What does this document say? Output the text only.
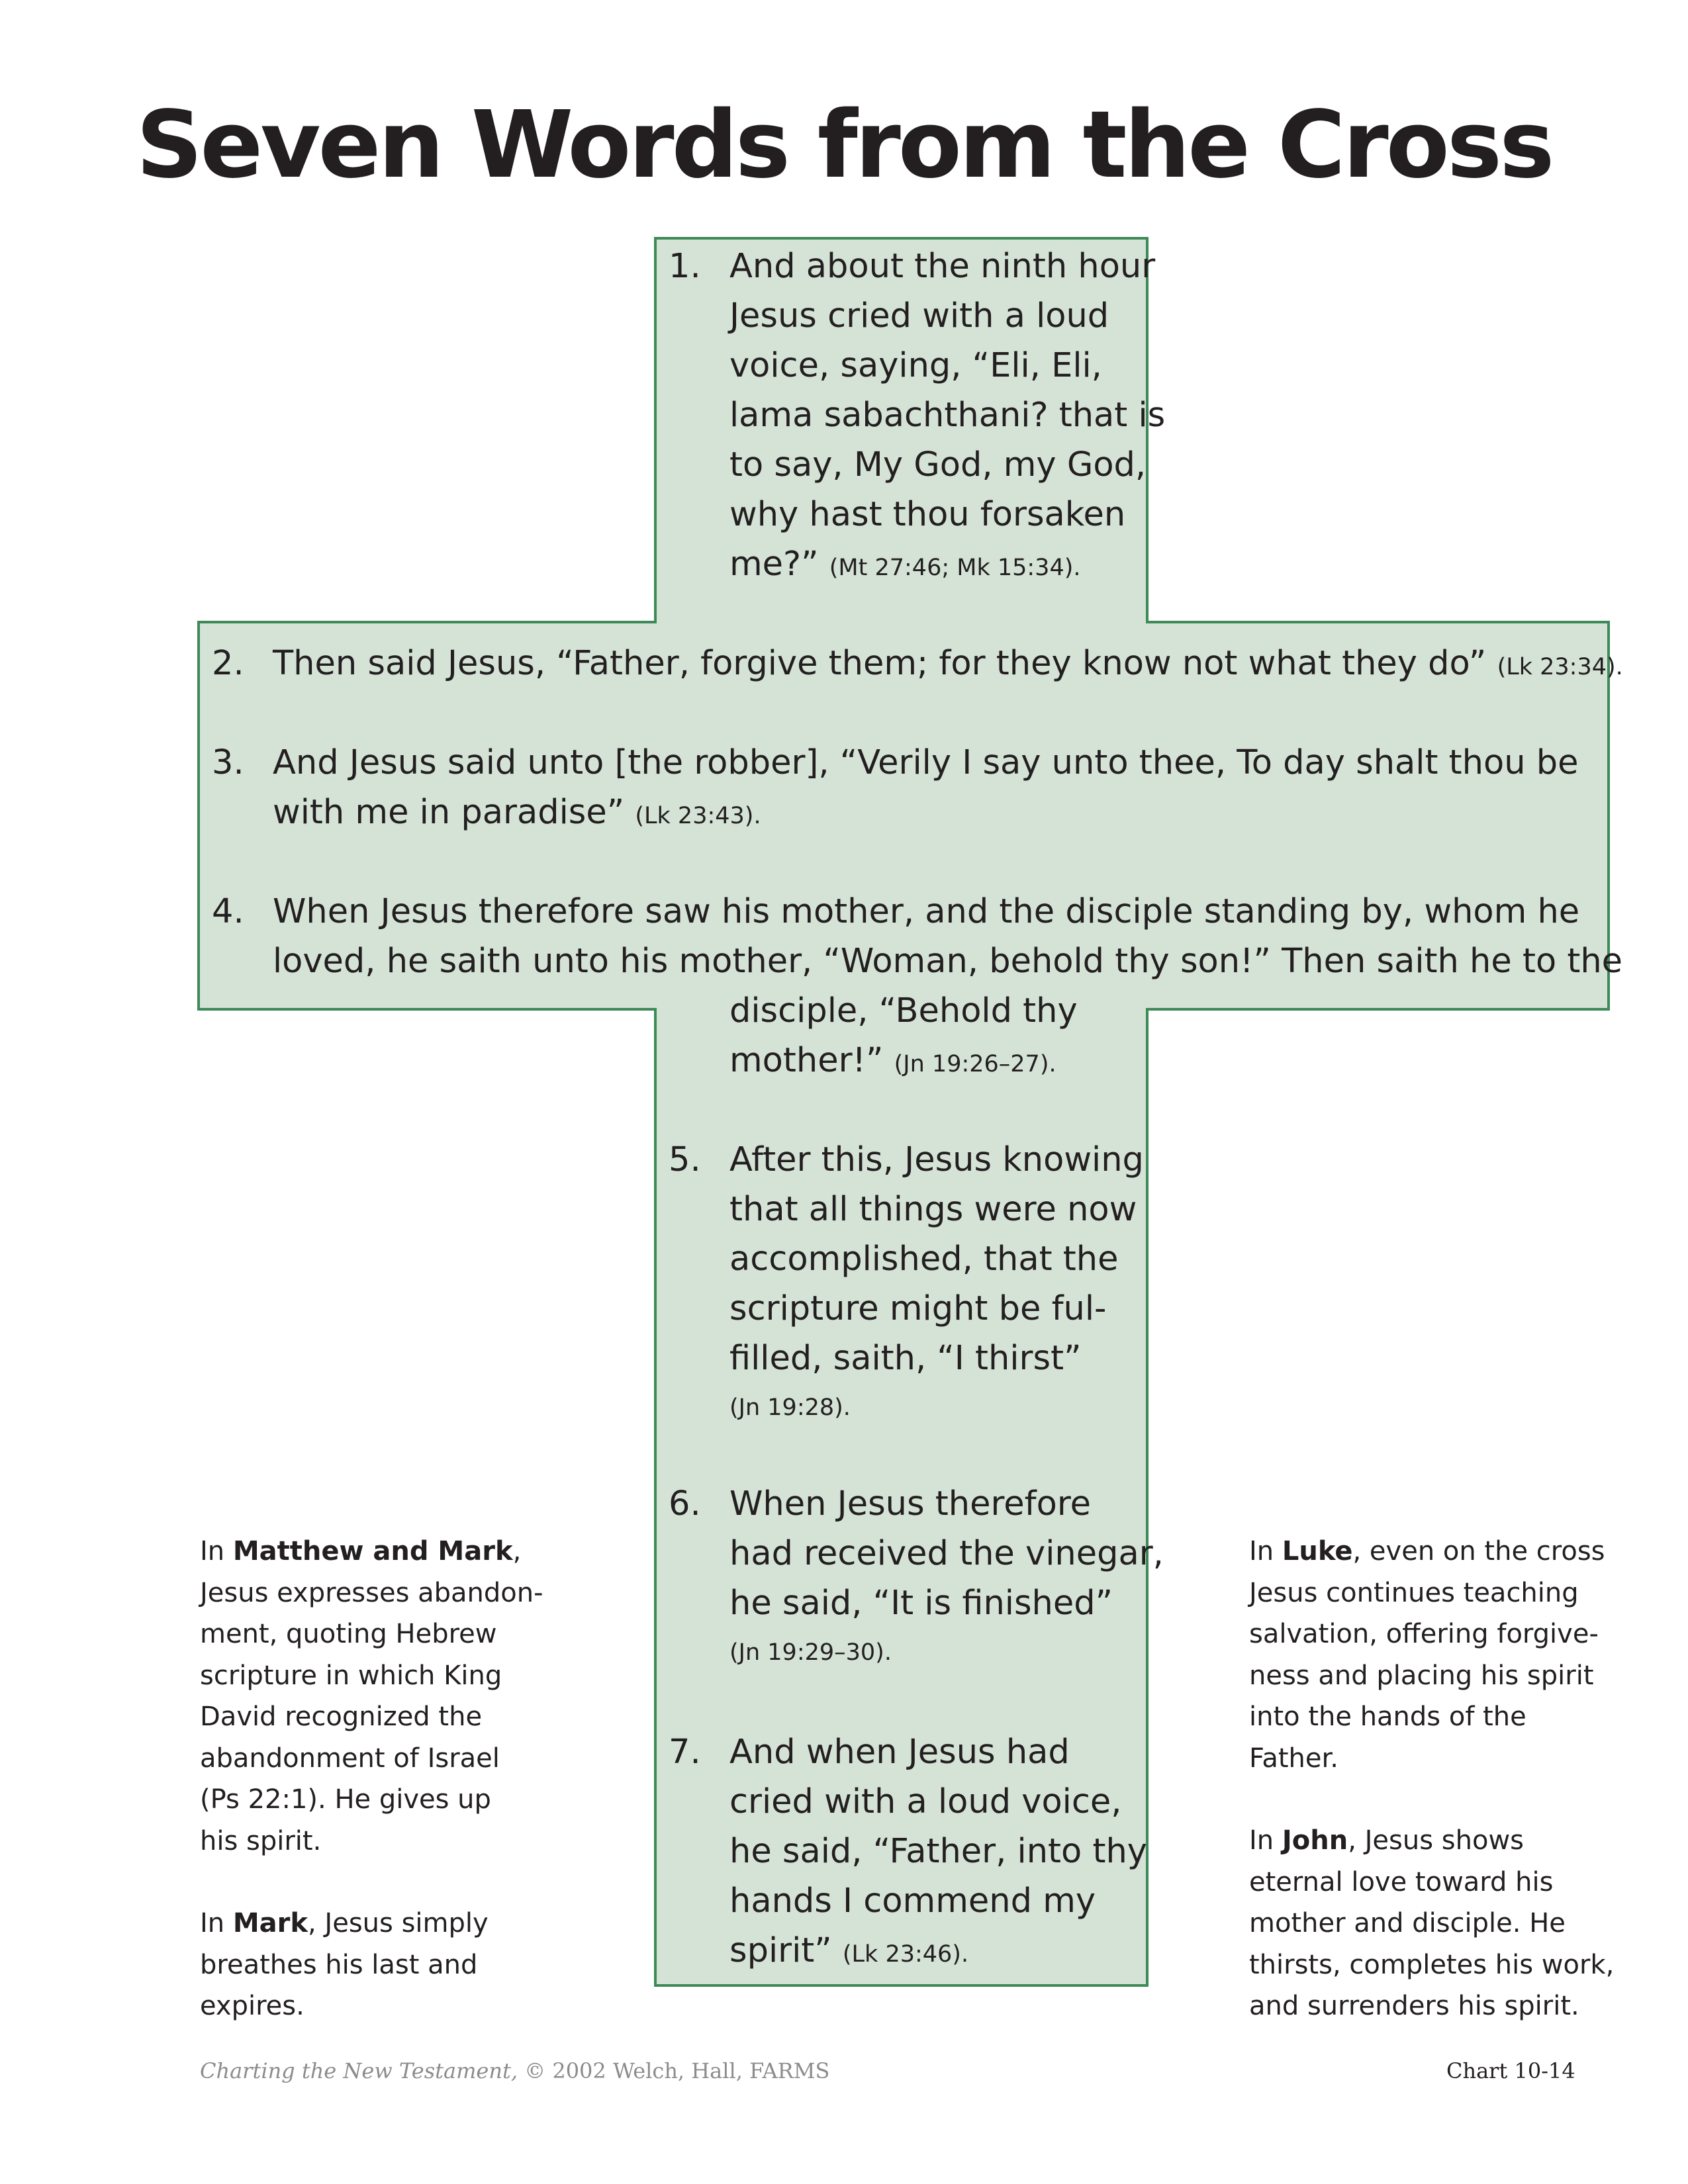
Seven Words from the Cross
1. And about the ninth hour
Jesus cried with a loud
voice, saying, “Eli, Eli,
lama sabachthani? that is
to say, My God, my God,
why hast thou forsaken
me?” (Mt 27:46; Mk 15:34).
2. Then said Jesus, “Father, forgive them; for they know not what they do” (Lk 23:34).
3. And Jesus said unto [the robber], “Verily I say unto thee, To day shalt thou be
with me in paradise” (Lk 23:43).
4. When Jesus therefore saw his mother, and the disciple standing by, whom he
loved, he saith unto his mother, “Woman, behold thy son!” Then saith he to the
disciple, “Behold thy
mother!” (Jn 19:26–27).
5. After this, Jesus knowing
that all things were now
accomplished, that the
scripture might be ful-
filled, saith, “I thirst”
(Jn 19:28).
6. When Jesus therefore
had received the vinegar,
he said, “It is finished”
(Jn 19:29–30).
7. And when Jesus had
cried with a loud voice,
he said, “Father, into thy
hands I commend my
spirit” (Lk 23:46).

In Matthew and Mark,
Jesus expresses abandon-
ment, quoting Hebrew
scripture in which King
David recognized the
abandonment of Israel
(Ps 22:1). He gives up
his spirit.

In Mark, Jesus simply
breathes his last and
expires.

In Luke, even on the cross
Jesus continues teaching
salvation, offering forgive-
ness and placing his spirit
into the hands of the
Father.

In John, Jesus shows
eternal love toward his
mother and disciple. He
thirsts, completes his work,
and surrenders his spirit.

Charting the New Testament, © 2002 Welch, Hall, FARMS	Chart 10-14
